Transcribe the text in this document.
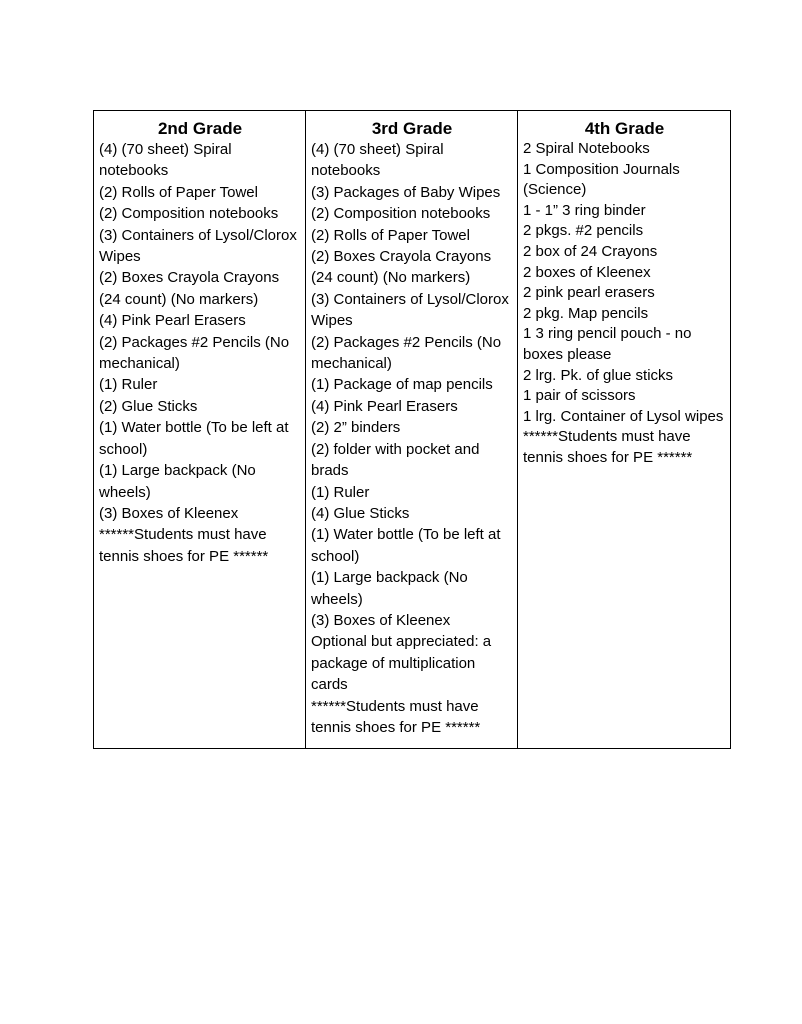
2nd Grade

(4) (70 sheet) Spiral notebooks
(2) Rolls of Paper Towel
(2) Composition notebooks
(3) Containers of Lysol/Clorox Wipes
(2) Boxes Crayola Crayons (24 count) (No markers)
(4) Pink Pearl Erasers
(2) Packages #2 Pencils (No mechanical)
(1) Ruler
(2) Glue Sticks
(1) Water bottle (To be left at school)
(1) Large backpack (No wheels)
(3) Boxes of Kleenex
******Students must have tennis shoes for PE ******

3rd Grade

(4) (70 sheet) Spiral notebooks
(3) Packages of Baby Wipes
(2) Composition notebooks
(2) Rolls of Paper Towel
(2) Boxes Crayola Crayons (24 count) (No markers)
(3) Containers of Lysol/Clorox Wipes
(2) Packages #2 Pencils (No mechanical)
(1) Package of map pencils
(4) Pink Pearl Erasers
(2) 2” binders
(2) folder with pocket and brads
(1) Ruler
(4) Glue Sticks
(1) Water bottle (To be left at school)
(1) Large backpack (No wheels)
(3) Boxes of Kleenex
Optional but appreciated: a package of multiplication cards
******Students must have tennis shoes for PE ******

4th Grade

2 Spiral Notebooks
1 Composition Journals (Science)
1 - 1” 3 ring binder
2 pkgs. #2 pencils
2 box of 24 Crayons
2 boxes of Kleenex
2 pink pearl erasers
2 pkg. Map pencils
1 3 ring pencil pouch - no boxes please
2 lrg. Pk. of glue sticks
1 pair of scissors
1 lrg. Container of Lysol wipes
******Students must have tennis shoes for PE ******
